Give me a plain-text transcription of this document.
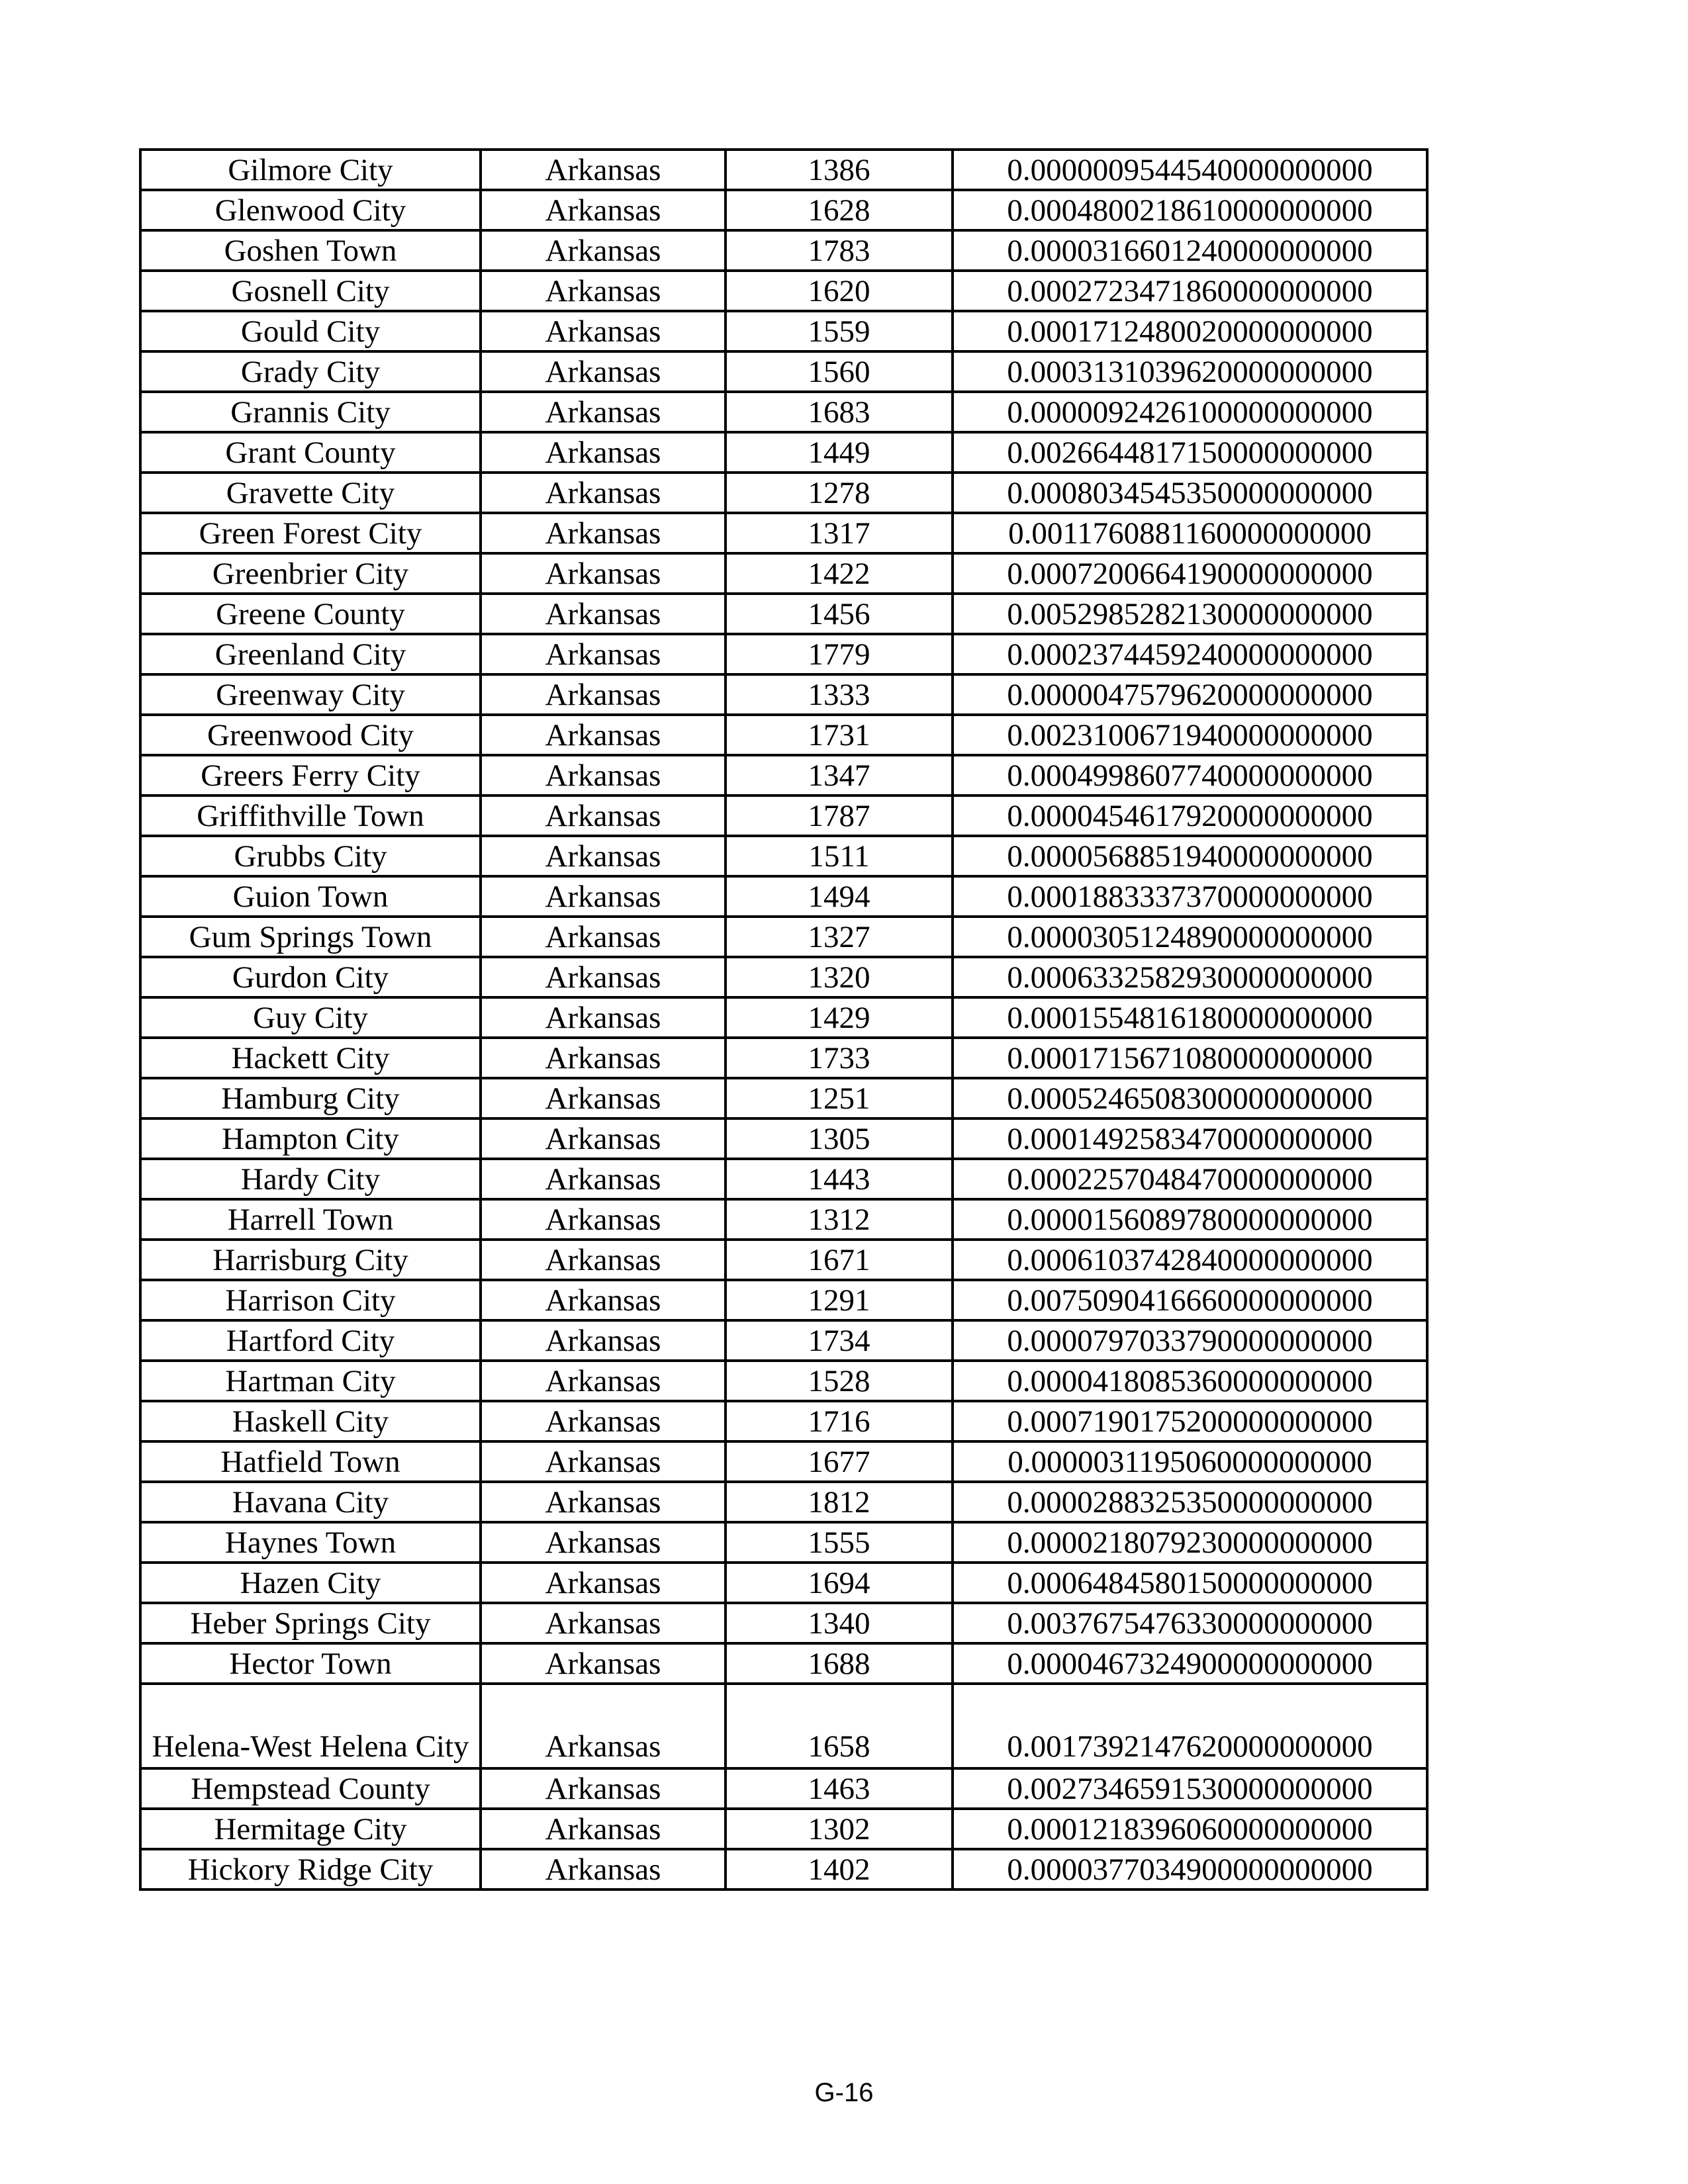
Gilmore City	Arkansas	1386	0.0000009544540000000000
Glenwood City	Arkansas	1628	0.0004800218610000000000
Goshen Town	Arkansas	1783	0.0000316601240000000000
Gosnell City	Arkansas	1620	0.0002723471860000000000
Gould City	Arkansas	1559	0.0001712480020000000000
Grady City	Arkansas	1560	0.0003131039620000000000
Grannis City	Arkansas	1683	0.0000092426100000000000
Grant County	Arkansas	1449	0.0026644817150000000000
Gravette City	Arkansas	1278	0.0008034545350000000000
Green Forest City	Arkansas	1317	0.0011760881160000000000
Greenbrier City	Arkansas	1422	0.0007200664190000000000
Greene County	Arkansas	1456	0.0052985282130000000000
Greenland City	Arkansas	1779	0.0002374459240000000000
Greenway City	Arkansas	1333	0.0000047579620000000000
Greenwood City	Arkansas	1731	0.0023100671940000000000
Greers Ferry City	Arkansas	1347	0.0004998607740000000000
Griffithville Town	Arkansas	1787	0.0000454617920000000000
Grubbs City	Arkansas	1511	0.0000568851940000000000
Guion Town	Arkansas	1494	0.0001883337370000000000
Gum Springs Town	Arkansas	1327	0.0000305124890000000000
Gurdon City	Arkansas	1320	0.0006332582930000000000
Guy City	Arkansas	1429	0.0001554816180000000000
Hackett City	Arkansas	1733	0.0001715671080000000000
Hamburg City	Arkansas	1251	0.0005246508300000000000
Hampton City	Arkansas	1305	0.0001492583470000000000
Hardy City	Arkansas	1443	0.0002257048470000000000
Harrell Town	Arkansas	1312	0.0000156089780000000000
Harrisburg City	Arkansas	1671	0.0006103742840000000000
Harrison City	Arkansas	1291	0.0075090416660000000000
Hartford City	Arkansas	1734	0.0000797033790000000000
Hartman City	Arkansas	1528	0.0000418085360000000000
Haskell City	Arkansas	1716	0.0007190175200000000000
Hatfield Town	Arkansas	1677	0.0000031195060000000000
Havana City	Arkansas	1812	0.0000288325350000000000
Haynes Town	Arkansas	1555	0.0000218079230000000000
Hazen City	Arkansas	1694	0.0006484580150000000000
Heber Springs City	Arkansas	1340	0.0037675476330000000000
Hector Town	Arkansas	1688	0.0000467324900000000000
Helena-West Helena City	Arkansas	1658	0.0017392147620000000000
Hempstead County	Arkansas	1463	0.0027346591530000000000
Hermitage City	Arkansas	1302	0.0001218396060000000000
Hickory Ridge City	Arkansas	1402	0.0000377034900000000000
G-16
